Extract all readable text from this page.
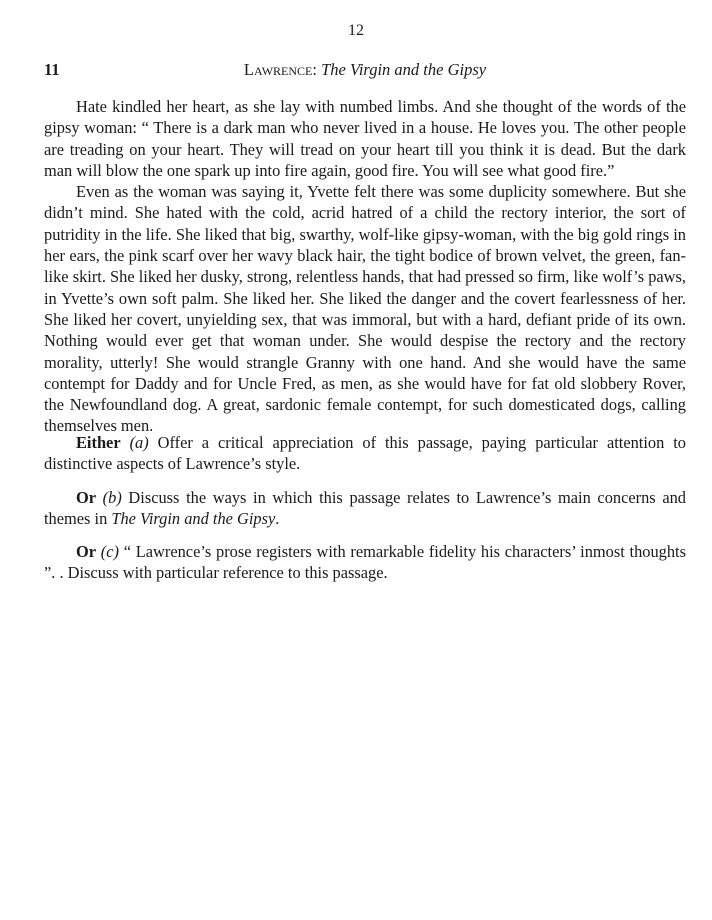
12
11	Lawrence: The Virgin and the Gipsy

Hate kindled her heart, as she lay with numbed limbs. And she thought of the words of the gipsy woman: “ There is a dark man who never lived in a house. He loves you. The other people are treading on your heart. They will tread on your heart till you think it is dead. But the dark man will blow the one spark up into fire again, good fire. You will see what good fire.”

Even as the woman was saying it, Yvette felt there was some duplicity somewhere. But she didn’t mind. She hated with the cold, acrid hatred of a child the rectory interior, the sort of putridity in the life. She liked that big, swarthy, wolf-like gipsy-woman, with the big gold rings in her ears, the pink scarf over her wavy black hair, the tight bodice of brown velvet, the green, fan-like skirt. She liked her dusky, strong, relentless hands, that had pressed so firm, like wolf’s paws, in Yvette’s own soft palm. She liked her. She liked the danger and the covert fearlessness of her. She liked her covert, unyielding sex, that was immoral, but with a hard, defiant pride of its own. Nothing would ever get that woman under. She would despise the rectory and the rectory morality, utterly! She would strangle Granny with one hand. And she would have the same contempt for Daddy and for Uncle Fred, as men, as she would have for fat old slobbery Rover, the Newfoundland dog. A great, sardonic female contempt, for such domesticated dogs, calling themselves men.

Either (a) Offer a critical appreciation of this passage, paying particular attention to distinctive aspects of Lawrence’s style.

Or (b) Discuss the ways in which this passage relates to Lawrence’s main concerns and themes in The Virgin and the Gipsy.

Or (c) “ Lawrence’s prose registers with remarkable fidelity his characters’ inmost thoughts ”. . Discuss with particular reference to this passage.
